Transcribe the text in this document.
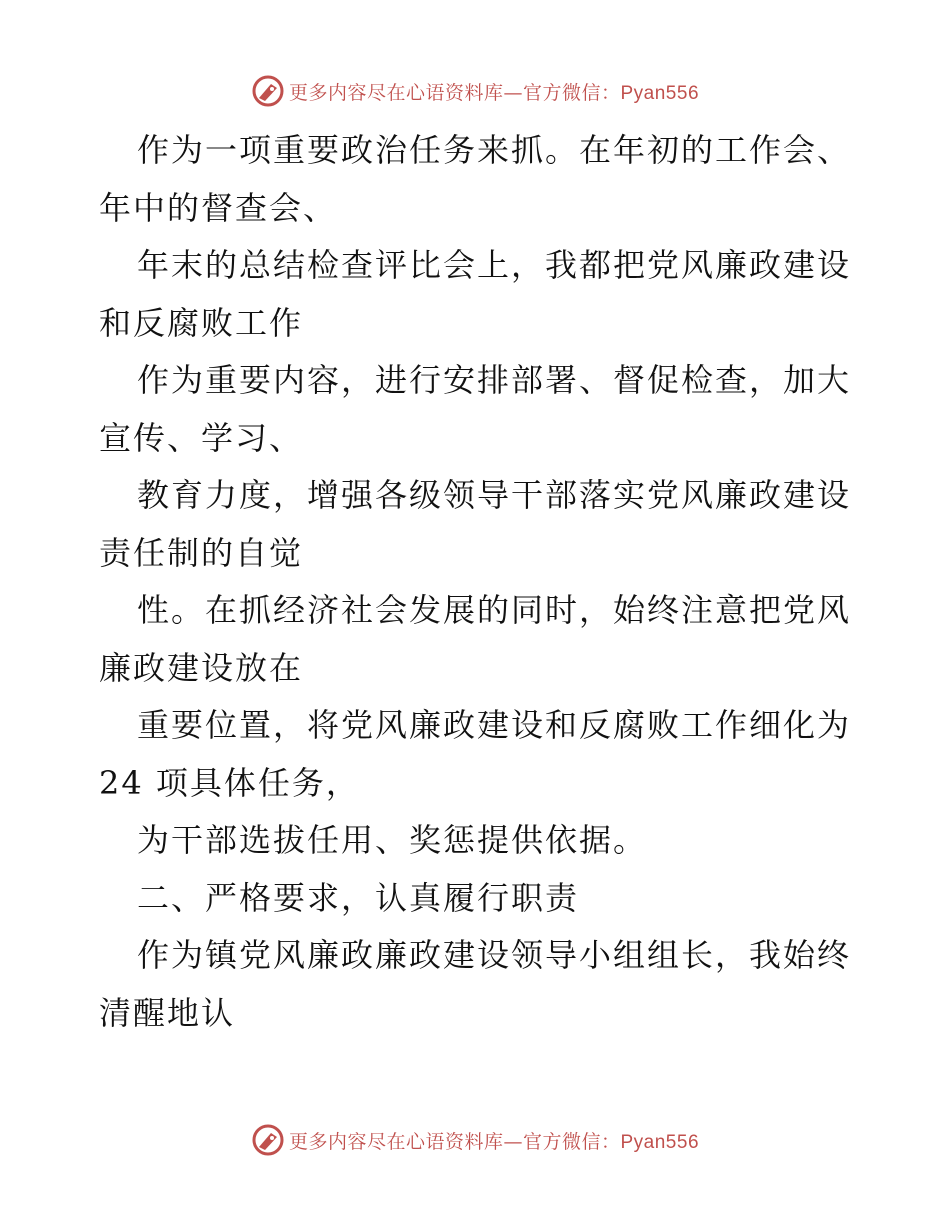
更多内容尽在心语资料库—官方微信：Pyan556
作为一项重要政治任务来抓。在年初的工作会、
年中的督查会、
年末的总结检查评比会上，我都把党风廉政建设
和反腐败工作
作为重要内容，进行安排部署、督促检查，加大
宣传、学习、
教育力度，增强各级领导干部落实党风廉政建设
责任制的自觉
性。在抓经济社会发展的同时，始终注意把党风
廉政建设放在
重要位置，将党风廉政建设和反腐败工作细化为
24 项具体任务，
为干部选拔任用、奖惩提供依据。
二、严格要求，认真履行职责
作为镇党风廉政廉政建设领导小组组长，我始终
清醒地认
更多内容尽在心语资料库—官方微信：Pyan556
